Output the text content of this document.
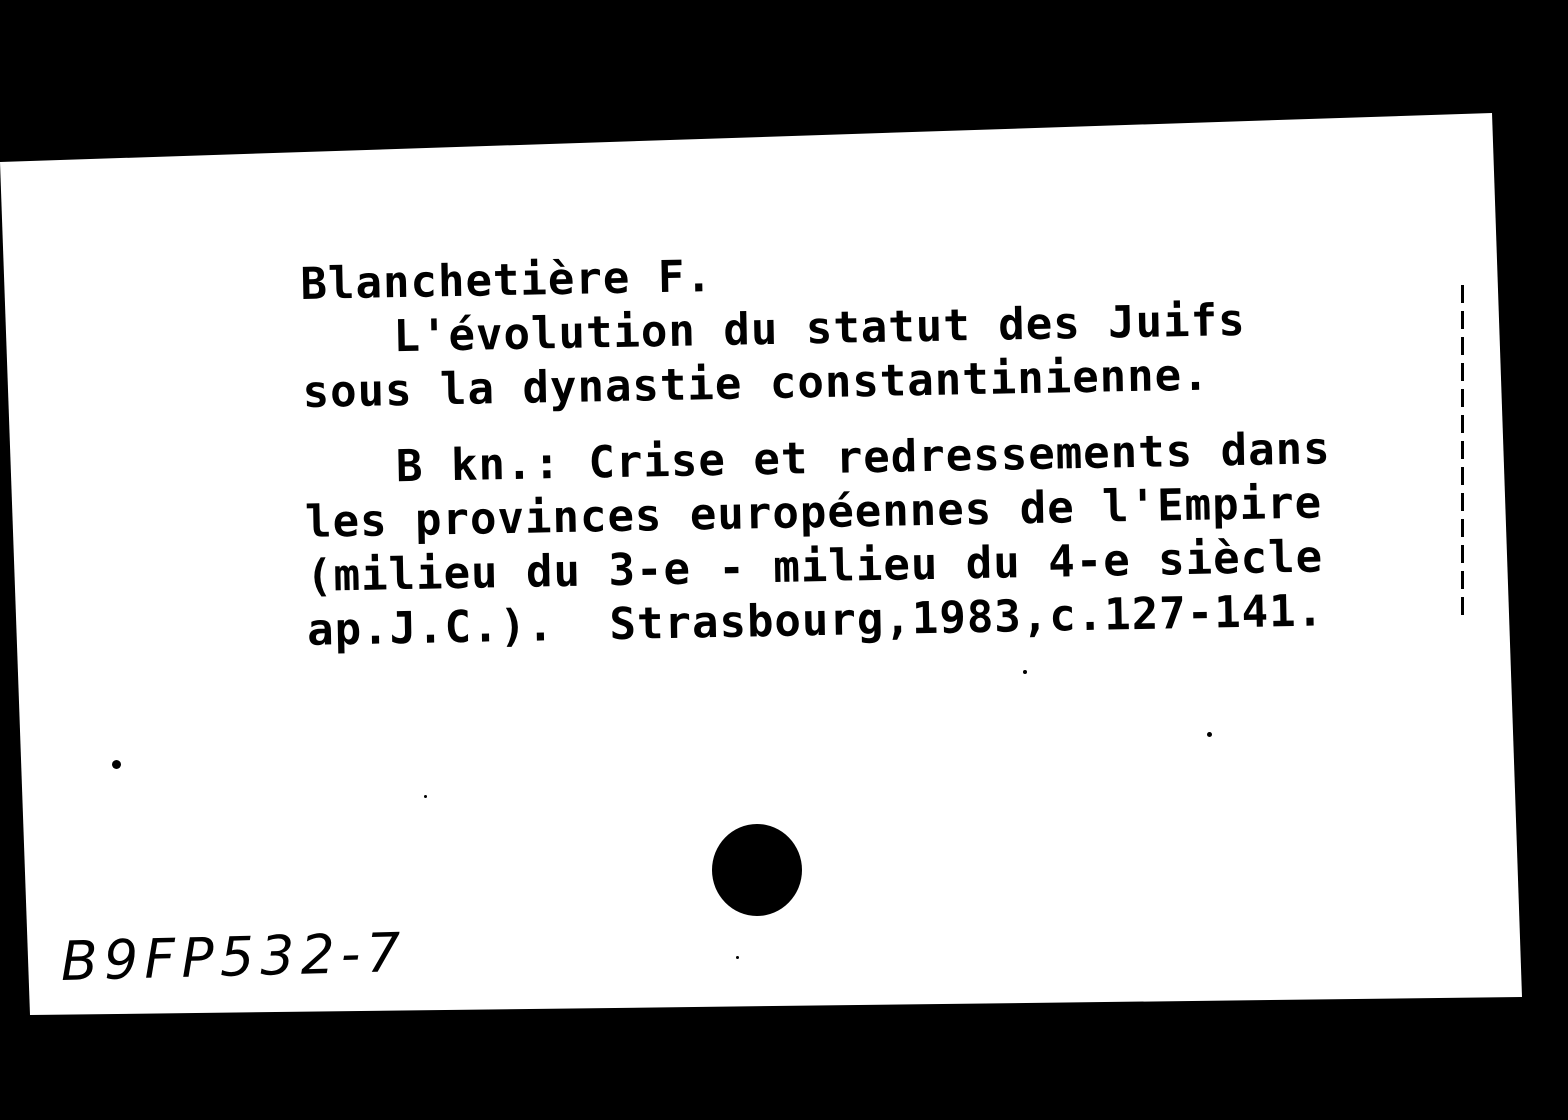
Blanchetière F.
L'évolution du statut des Juifs
sous la dynastie constantinienne.
B kn.: Crise et redressements dans
les provinces européennes de l'Empire
(milieu du 3-e - milieu du 4-e siècle
ap.J.C.).  Strasbourg,1983,c.127-141.
B9FP532-7
